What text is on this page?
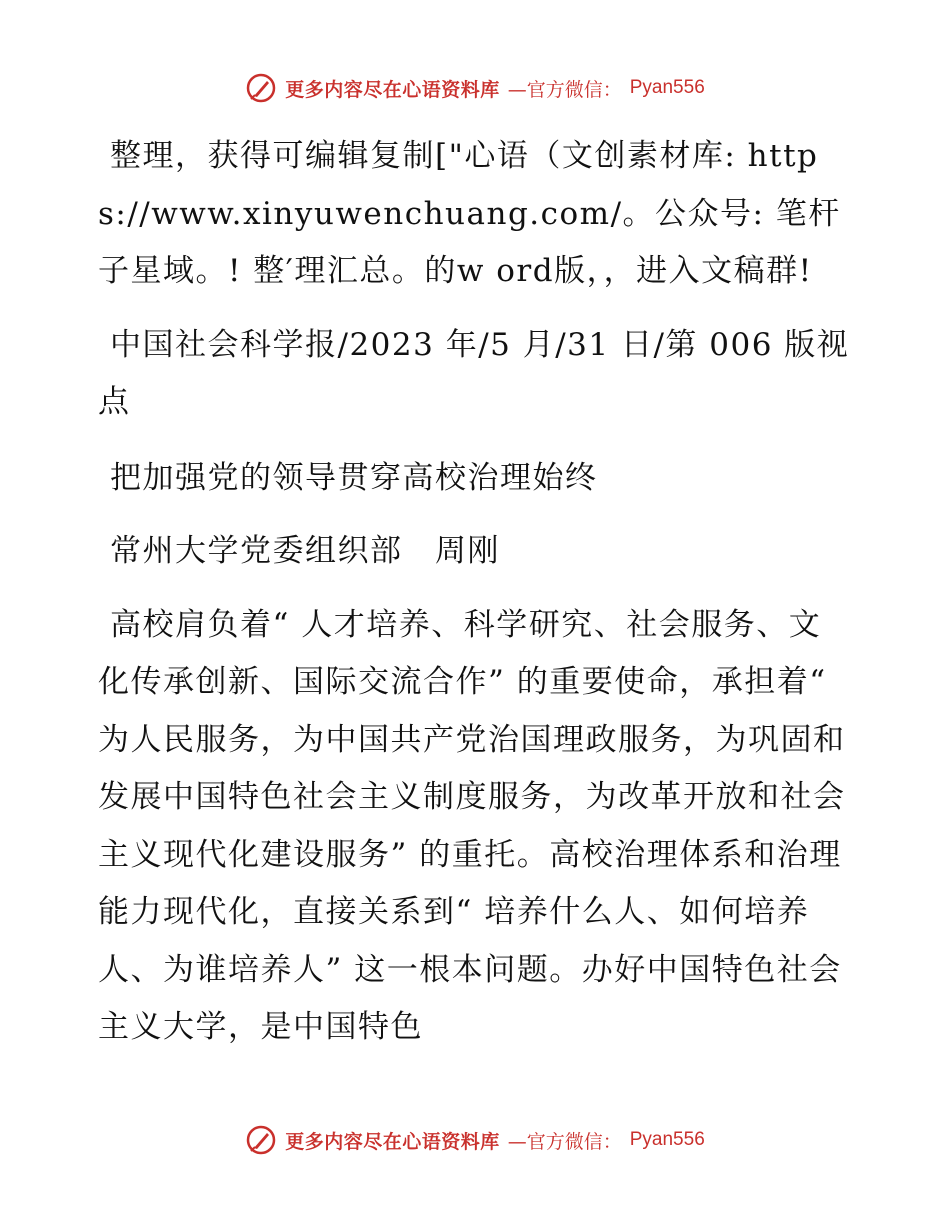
更多内容尽在心语资料库 —官方微信： Pyan556

整理，获得可编辑复制["心语（文创素材库: https://www.xinyuwenchuang.com/。公众号: 笔杆子星域。! 整′理汇总。的w ord版，，进入文稿群!

中国社会科学报/2023 年/5 月/31 日/第 006 版视点

把加强党的领导贯穿高校治理始终

常州大学党委组织部　周刚

高校肩负着“ 人才培养、科学研究、社会服务、文化传承创新、国际交流合作” 的重要使命，承担着“ 为人民服务，为中国共产党治国理政服务，为巩固和发展中国特色社会主义制度服务，为改革开放和社会主义现代化建设服务” 的重托。高校治理体系和治理能力现代化，直接关系到“ 培养什么人、如何培养人、为谁培养人” 这一根本问题。办好中国特色社会主义大学，是中国特色

更多内容尽在心语资料库 —官方微信： Pyan556
